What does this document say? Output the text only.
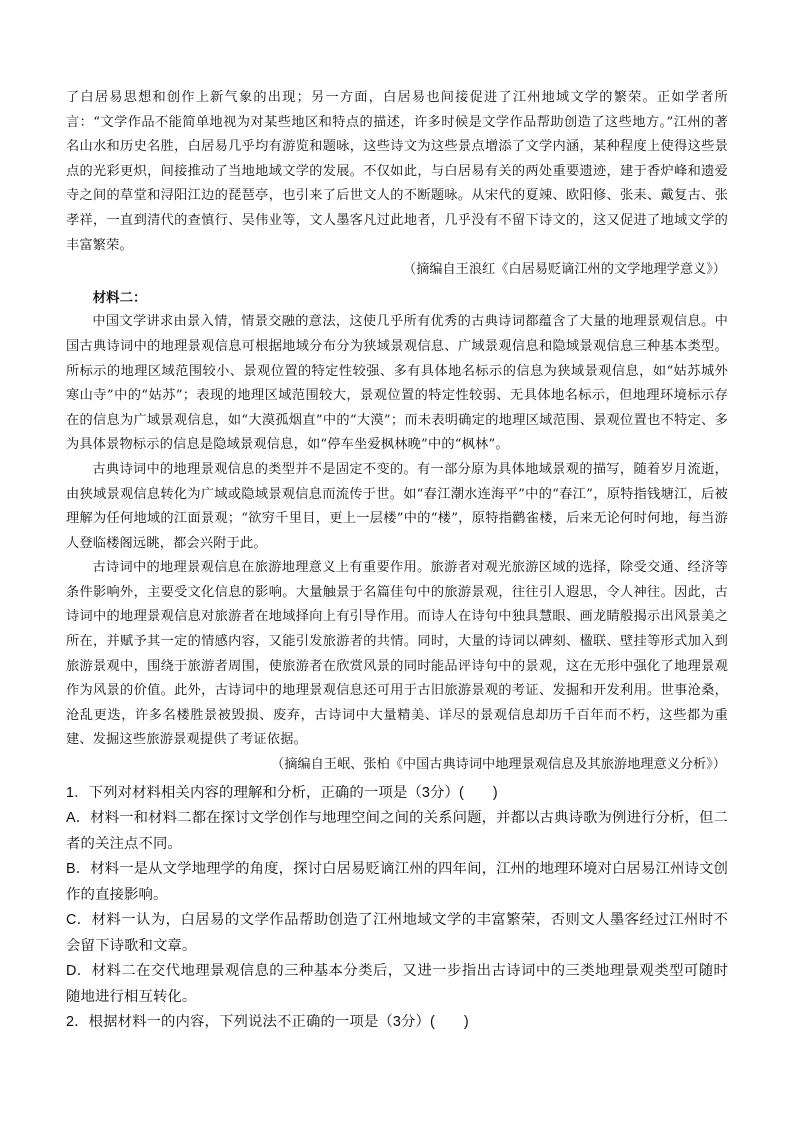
了白居易思想和创作上新气象的出现；另一方面，白居易也间接促进了江州地域文学的繁荣。正如学者所言：“文学作品不能简单地视为对某些地区和特点的描述，许多时候是文学作品帮助创造了这些地方。”江州的著名山水和历史名胜，白居易几乎均有游览和题咏，这些诗文为这些景点增添了文学内涵，某种程度上使得这些景点的光彩更炽，间接推动了当地地域文学的发展。不仅如此，与白居易有关的两处重要遗迹，建于香炉峰和遗爱寺之间的草堂和浔阳江边的琵琶亭，也引来了后世文人的不断题咏。从宋代的夏竦、欧阳修、张耒、戴复古、张孝祥，一直到清代的查慎行、吴伟业等，文人墨客凡过此地者，几乎没有不留下诗文的，这又促进了地域文学的丰富繁荣。

（摘编自王浪红《白居易贬谪江州的文学地理学意义》）

材料二：

中国文学讲求由景入情，情景交融的意法，这使几乎所有优秀的古典诗词都蕴含了大量的地理景观信息。中国古典诗词中的地理景观信息可根据地域分布分为狭域景观信息、广域景观信息和隐域景观信息三种基本类型。所标示的地理区域范围较小、景观位置的特定性较强、多有具体地名标示的信息为狭域景观信息，如“姑苏城外寒山寺”中的“姑苏”；表现的地理区域范围较大，景观位置的特定性较弱、无具体地名标示，但地理环境标示存在的信息为广域景观信息，如“大漠孤烟直”中的“大漠”；而未表明确定的地理区域范围、景观位置也不特定、多为具体景物标示的信息是隐域景观信息，如“停车坐爱枫林晚”中的“枫林”。

古典诗词中的地理景观信息的类型并不是固定不变的。有一部分原为具体地域景观的描写，随着岁月流逝，由狭域景观信息转化为广域或隐域景观信息而流传于世。如“春江潮水连海平”中的“春江”，原特指钱塘江，后被理解为任何地域的江面景观；“欲穷千里目，更上一层楼”中的“楼”，原特指鹳雀楼，后来无论何时何地，每当游人登临楼阁远眺，都会兴附于此。

古诗词中的地理景观信息在旅游地理意义上有重要作用。旅游者对观光旅游区域的选择，除受交通、经济等条件影响外，主要受文化信息的影响。大量触景于名篇佳句中的旅游景观，往往引人遐思，令人神往。因此，古诗词中的地理景观信息对旅游者在地域择向上有引导作用。而诗人在诗句中独具慧眼、画龙睛般揭示出风景美之所在，并赋予其一定的情感内容，又能引发旅游者的共情。同时，大量的诗词以碑刻、楹联、壁挂等形式加入到旅游景观中，围绕于旅游者周围，使旅游者在欣赏风景的同时能品评诗句中的景观，这在无形中强化了地理景观作为风景的价值。此外，古诗词中的地理景观信息还可用于古旧旅游景观的考证、发掘和开发利用。世事沧桑，沧乱更迭，许多名楼胜景被毁损、废弃，古诗词中大量精美、详尽的景观信息却历千百年而不朽，这些都为重建、发掘这些旅游景观提供了考证依据。

（摘编自王岷、张柏《中国古典诗词中地理景观信息及其旅游地理意义分析》）

1．下列对材料相关内容的理解和分析，正确的一项是（3分）(　　)

A．材料一和材料二都在探讨文学创作与地理空间之间的关系问题，并都以古典诗歌为例进行分析，但二者的关注点不同。

B．材料一是从文学地理学的角度，探讨白居易贬谪江州的四年间，江州的地理环境对白居易江州诗文创作的直接影响。

C．材料一认为，白居易的文学作品帮助创造了江州地域文学的丰富繁荣，否则文人墨客经过江州时不会留下诗歌和文章。

D．材料二在交代地理景观信息的三种基本分类后，又进一步指出古诗词中的三类地理景观类型可随时随地进行相互转化。

2．根据材料一的内容，下列说法不正确的一项是（3分）(　　)
